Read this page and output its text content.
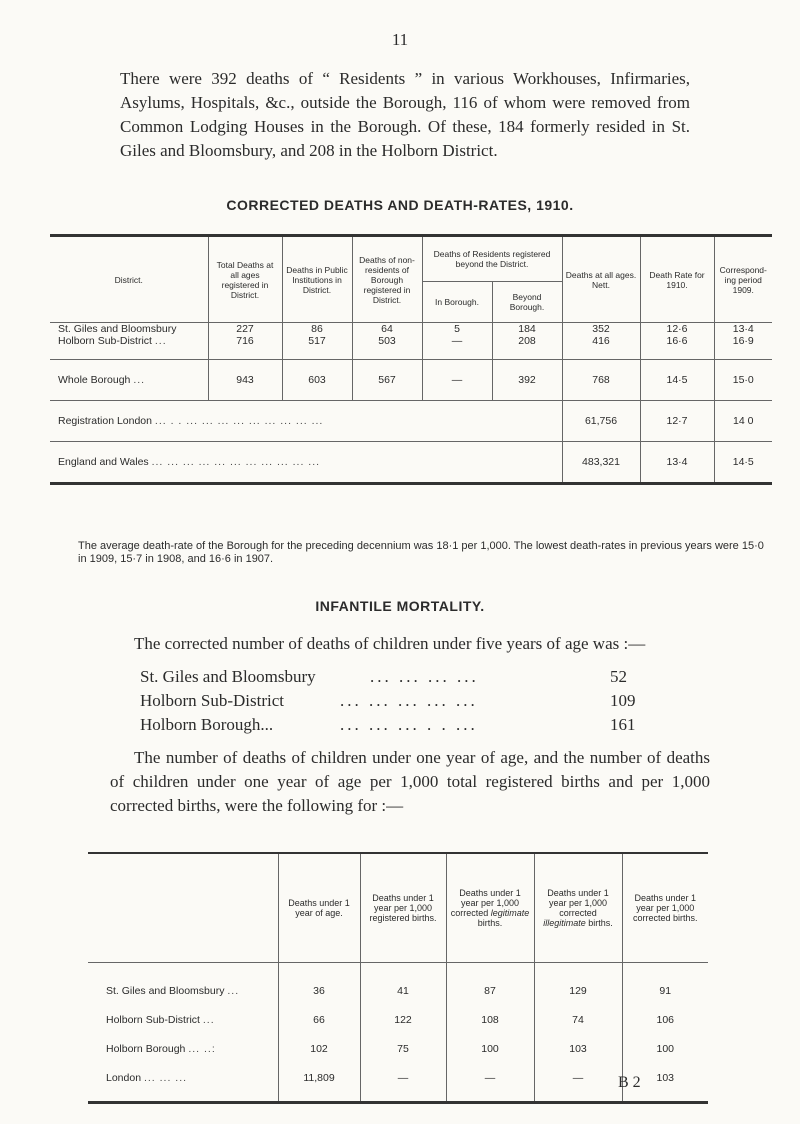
11
There were 392 deaths of “ Residents ” in various Workhouses, Infirmaries, Asylums, Hospitals, &c., outside the Borough, 116 of whom were removed from Common Lodging Houses in the Borough. Of these, 184 formerly resided in St. Giles and Bloomsbury, and 208 in the Holborn District.
CORRECTED DEATHS AND DEATH-RATES, 1910.
District.	Total Deaths at all ages registered in District.	Deaths in Public Institutions in District.	Deaths of non-residents of Borough registered in District.	Deaths of Residents registered beyond the District.		Deaths at all ages. Nett.	Death Rate for 1910.	Correspond-ing period 1909.
				In Borough.	Beyond Borough.			
St. Giles and Bloomsbury	227	86	64	5	184	352	12·6	13·4
Holborn Sub-District ...	716	517	503	—	208	416	16·6	16·9
Whole Borough ...	943	603	567	—	392	768	14·5	15·0
Registration London ... . . ... ... ... ... ... ... ... ... ...						61,756	12·7	14 0
England and Wales ... ... ... ... ... ... ... ... ... ... ...						483,321	13·4	14·5
The average death-rate of the Borough for the preceding decennium was 18·1 per 1,000. The lowest death-rates in previous years were 15·0 in 1909, 15·7 in 1908, and 16·6 in 1907.
INFANTILE MORTALITY.
The corrected number of deaths of children under five years of age was :—
St. Giles and Bloomsbury	... ... ... ...	52
Holborn Sub-District	... ... ... ... ...	109
Holborn Borough...	... ... ... . . ...	161
The number of deaths of children under one year of age, and the number of deaths of children under one year of age per 1,000 total registered births and per 1,000 corrected births, were the following for :—
	Deaths under 1 year of age.	Deaths under 1 year per 1,000 registered births.	Deaths under 1 year per 1,000 corrected legitimate births.	Deaths under 1 year per 1,000 corrected illegitimate births.	Deaths under 1 year per 1,000 corrected births.
St. Giles and Bloomsbury ...	36	41	87	129	91
Holborn Sub-District ...	66	122	108	74	106
Holborn Borough ... ..:	102	75	100	103	100
London ... ... ...	11,809	—	—	—	103
B 2
